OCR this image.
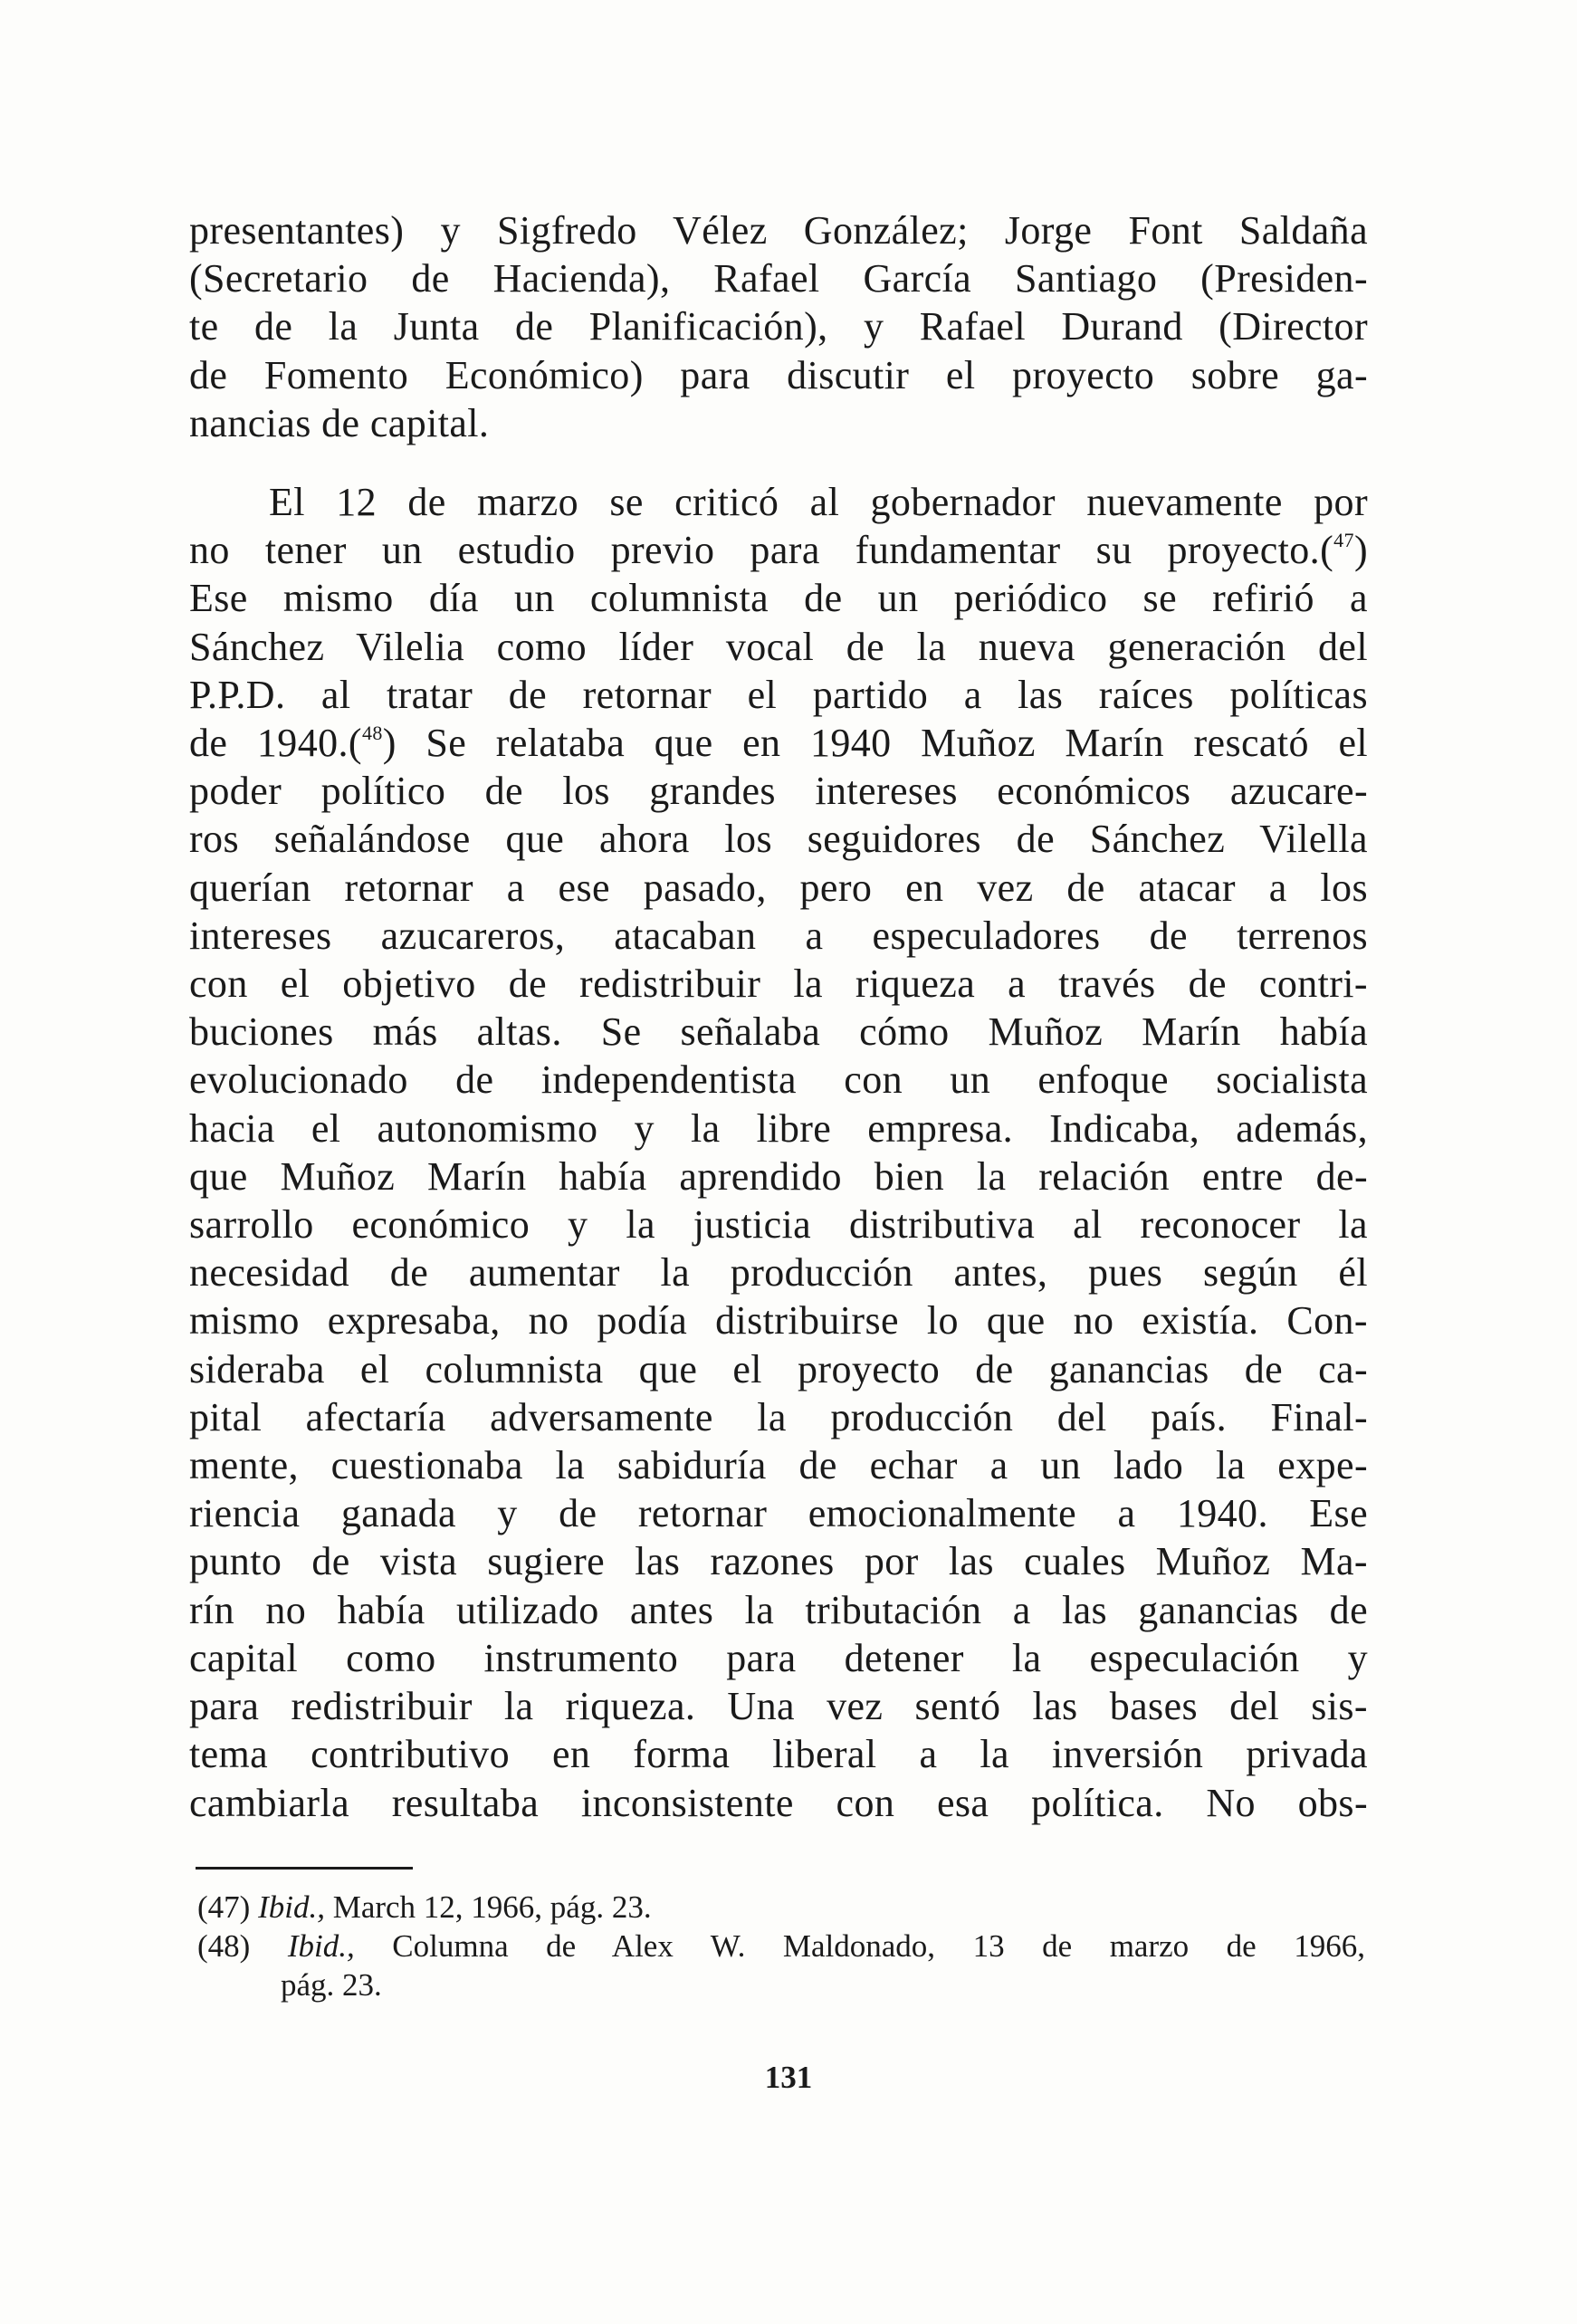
presentantes) y Sigfredo Vélez González; Jorge Font Saldaña
(Secretario de Hacienda), Rafael García Santiago (Presiden-
te de la Junta de Planificación), y Rafael Durand (Director
de Fomento Económico) para discutir el proyecto sobre ga-
nancias de capital.
El 12 de marzo se criticó al gobernador nuevamente por
no tener un estudio previo para fundamentar su proyecto.($^{47}$)
Ese mismo día un columnista de un periódico se refirió a
Sánchez Vilelia como líder vocal de la nueva generación del
P.P.D. al tratar de retornar el partido a las raíces políticas
de 1940.($^{48}$) Se relataba que en 1940 Muñoz Marín rescató el
poder político de los grandes intereses económicos azucare-
ros señalándose que ahora los seguidores de Sánchez Vilella
querían retornar a ese pasado, pero en vez de atacar a los
intereses azucareros, atacaban a especuladores de terrenos
con el objetivo de redistribuir la riqueza a través de contri-
buciones más altas. Se señalaba cómo Muñoz Marín había
evolucionado de independentista con un enfoque socialista
hacia el autonomismo y la libre empresa. Indicaba, además,
que Muñoz Marín había aprendido bien la relación entre de-
sarrollo económico y la justicia distributiva al reconocer la
necesidad de aumentar la producción antes, pues según él
mismo expresaba, no podía distribuirse lo que no existía. Con-
sideraba el columnista que el proyecto de ganancias de ca-
pital afectaría adversamente la producción del país. Final-
mente, cuestionaba la sabiduría de echar a un lado la expe-
riencia ganada y de retornar emocionalmente a 1940. Ese
punto de vista sugiere las razones por las cuales Muñoz Ma-
rín no había utilizado antes la tributación a las ganancias de
capital como instrumento para detener la especulación y
para redistribuir la riqueza. Una vez sentó las bases del sis-
tema contributivo en forma liberal a la inversión privada
cambiarla resultaba inconsistente con esa política. No obs-
(47) Ibid., March 12, 1966, pág. 23.
(48) Ibid., Columna de Alex W. Maldonado, 13 de marzo de 1966,
pág. 23.
131
